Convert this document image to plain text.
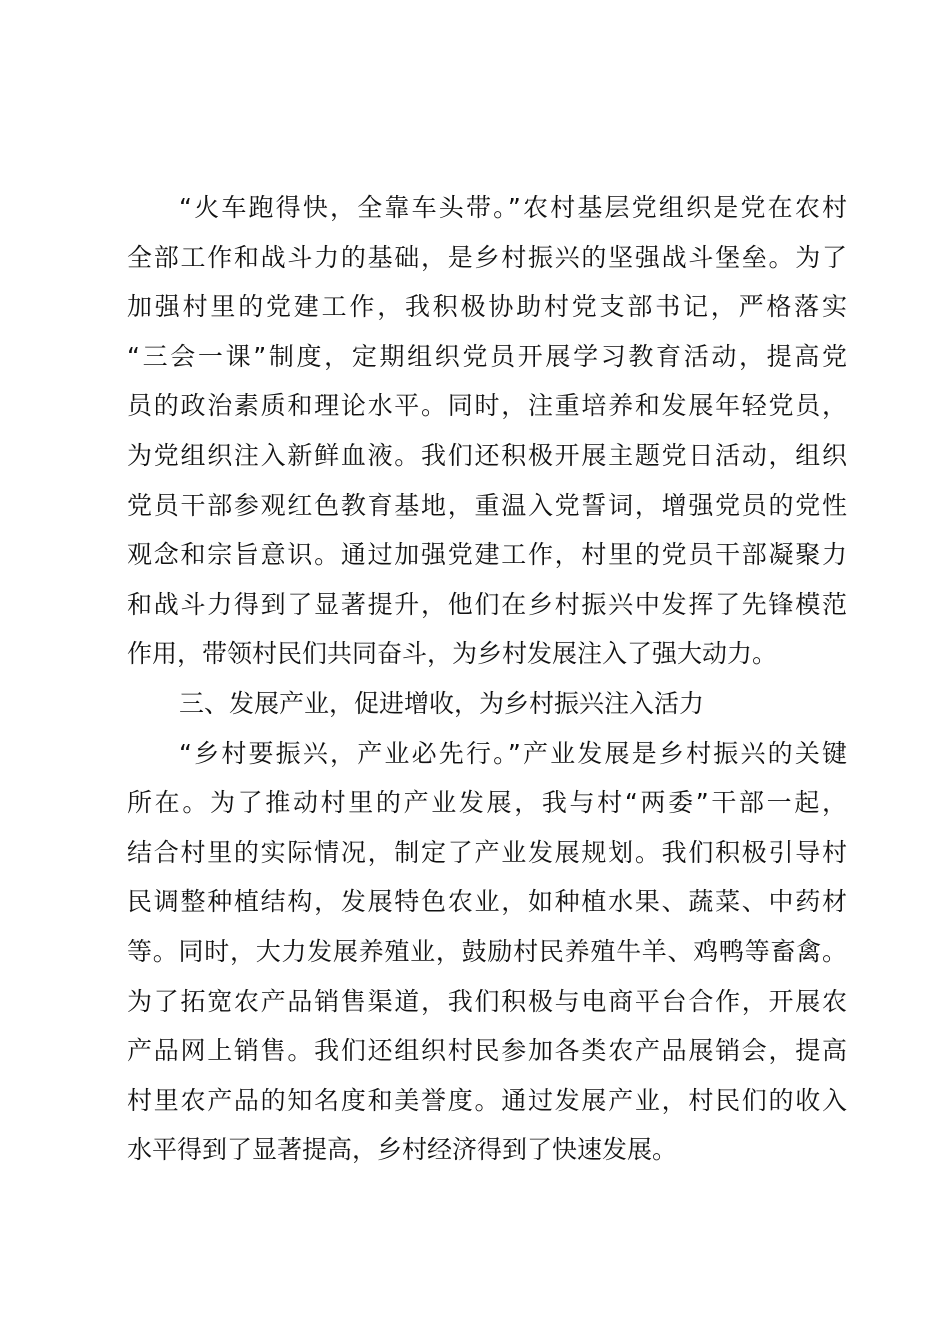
“火车跑得快，全靠车头带。”农村基层党组织是党在农村
全部工作和战斗力的基础，是乡村振兴的坚强战斗堡垒。为了
加强村里的党建工作，我积极协助村党支部书记，严格落实
“三会一课”制度，定期组织党员开展学习教育活动，提高党
员的政治素质和理论水平。同时，注重培养和发展年轻党员，
为党组织注入新鲜血液。我们还积极开展主题党日活动，组织
党员干部参观红色教育基地，重温入党誓词，增强党员的党性
观念和宗旨意识。通过加强党建工作，村里的党员干部凝聚力
和战斗力得到了显著提升，他们在乡村振兴中发挥了先锋模范
作用，带领村民们共同奋斗，为乡村发展注入了强大动力。
三、发展产业，促进增收，为乡村振兴注入活力
“乡村要振兴，产业必先行。”产业发展是乡村振兴的关键
所在。为了推动村里的产业发展，我与村“两委”干部一起，
结合村里的实际情况，制定了产业发展规划。我们积极引导村
民调整种植结构，发展特色农业，如种植水果、蔬菜、中药材
等。同时，大力发展养殖业，鼓励村民养殖牛羊、鸡鸭等畜禽。
为了拓宽农产品销售渠道，我们积极与电商平台合作，开展农
产品网上销售。我们还组织村民参加各类农产品展销会，提高
村里农产品的知名度和美誉度。通过发展产业，村民们的收入
水平得到了显著提高，乡村经济得到了快速发展。
